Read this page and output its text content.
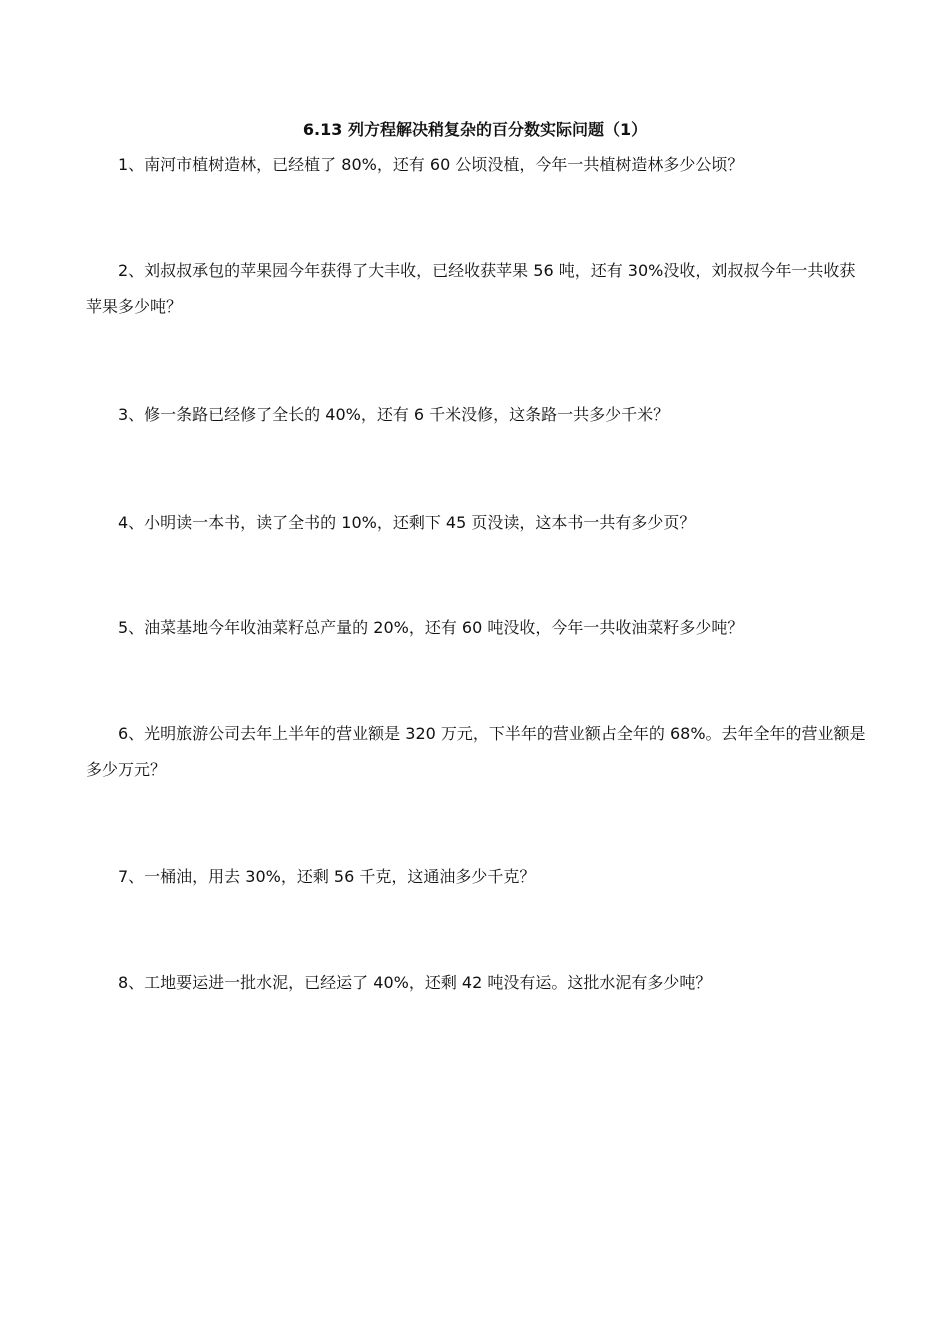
6.13 列方程解决稍复杂的百分数实际问题（1）

1、南河市植树造林，已经植了 80%，还有 60 公顷没植，今年一共植树造林多少公顷？

2、刘叔叔承包的苹果园今年获得了大丰收，已经收获苹果 56 吨，还有 30%没收，刘叔叔今年一共收获苹果多少吨？

3、修一条路已经修了全长的 40%，还有 6 千米没修，这条路一共多少千米？

4、小明读一本书，读了全书的 10%，还剩下 45 页没读，这本书一共有多少页？

5、油菜基地今年收油菜籽总产量的 20%，还有 60 吨没收，今年一共收油菜籽多少吨？

6、光明旅游公司去年上半年的营业额是 320 万元，下半年的营业额占全年的 68%。去年全年的营业额是多少万元？

7、一桶油，用去 30%，还剩 56 千克，这通油多少千克？

8、工地要运进一批水泥，已经运了 40%，还剩 42 吨没有运。这批水泥有多少吨？
